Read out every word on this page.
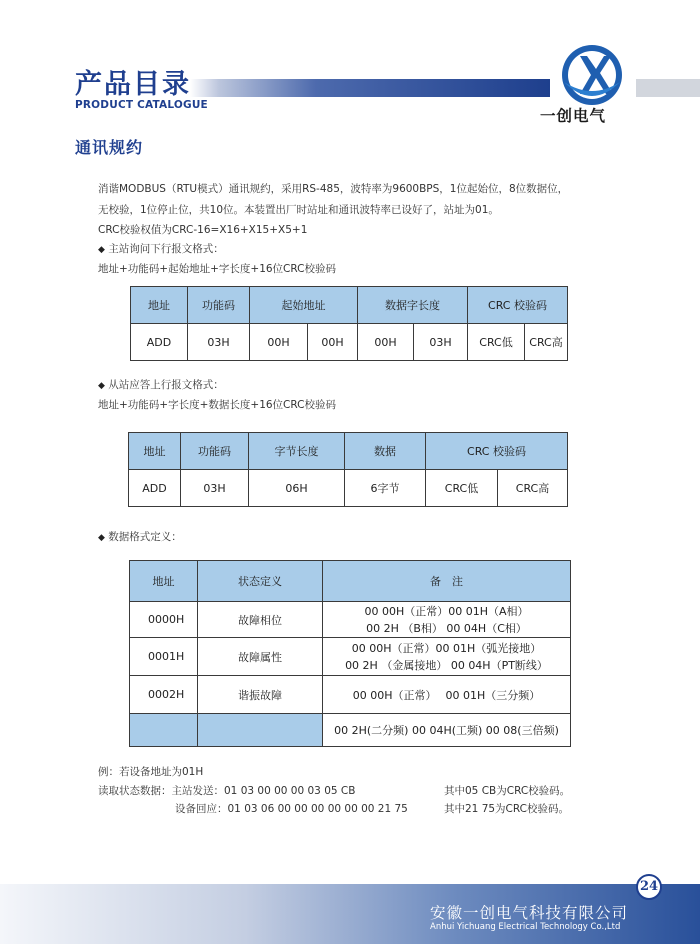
产品目录
PRODUCT CATALOGUE
一创电气
通讯规约
消谐MODBUS（RTU模式）通讯规约，采用RS-485，波特率为9600BPS，1位起始位，8位数据位，
无校验，1位停止位，共10位。本装置出厂时站址和通讯波特率已设好了，站址为01。
CRC校验权值为CRC-16=X16+X15+X5+1
◆ 主站询问下行报文格式：
地址+功能码+起始地址+字长度+16位CRC校验码
地址	功能码	起始地址		数据字长度		CRC 校验码	
ADD	03H	00H	00H	00H	03H	CRC低	CRC高
◆ 从站应答上行报文格式：
地址+功能码+字长度+数据长度+16位CRC校验码
地址	功能码	字节长度	数据	CRC 校验码	
ADD	03H	06H	6字节	CRC低	CRC高
◆ 数据格式定义：
地址	状态定义	备　注
0000H	故障相位	00 00H（正常）00 01H（A相）
00 2H （B相） 00 04H（C相）

0001H	故障属性	00 00H（正常）00 01H（弧光接地）
00 2H （金属接地） 00 04H（PT断线）

0002H	谐振故障	00 00H（正常）　 00 01H（三分频）
		00 2H(二分频) 00 04H(工频) 00 08(三倍频)
例：若设备地址为01H
读取状态数据：主站发送：01 03 00 00 00 03 05 CB	其中05 CB为CRC校验码。
设备回应：01 03 06 00 00 00 00 00 00 21 75	其中21 75为CRC校验码。
24
安徽一创电气科技有限公司
Anhui Yichuang Electrical Technology Co.,Ltd
